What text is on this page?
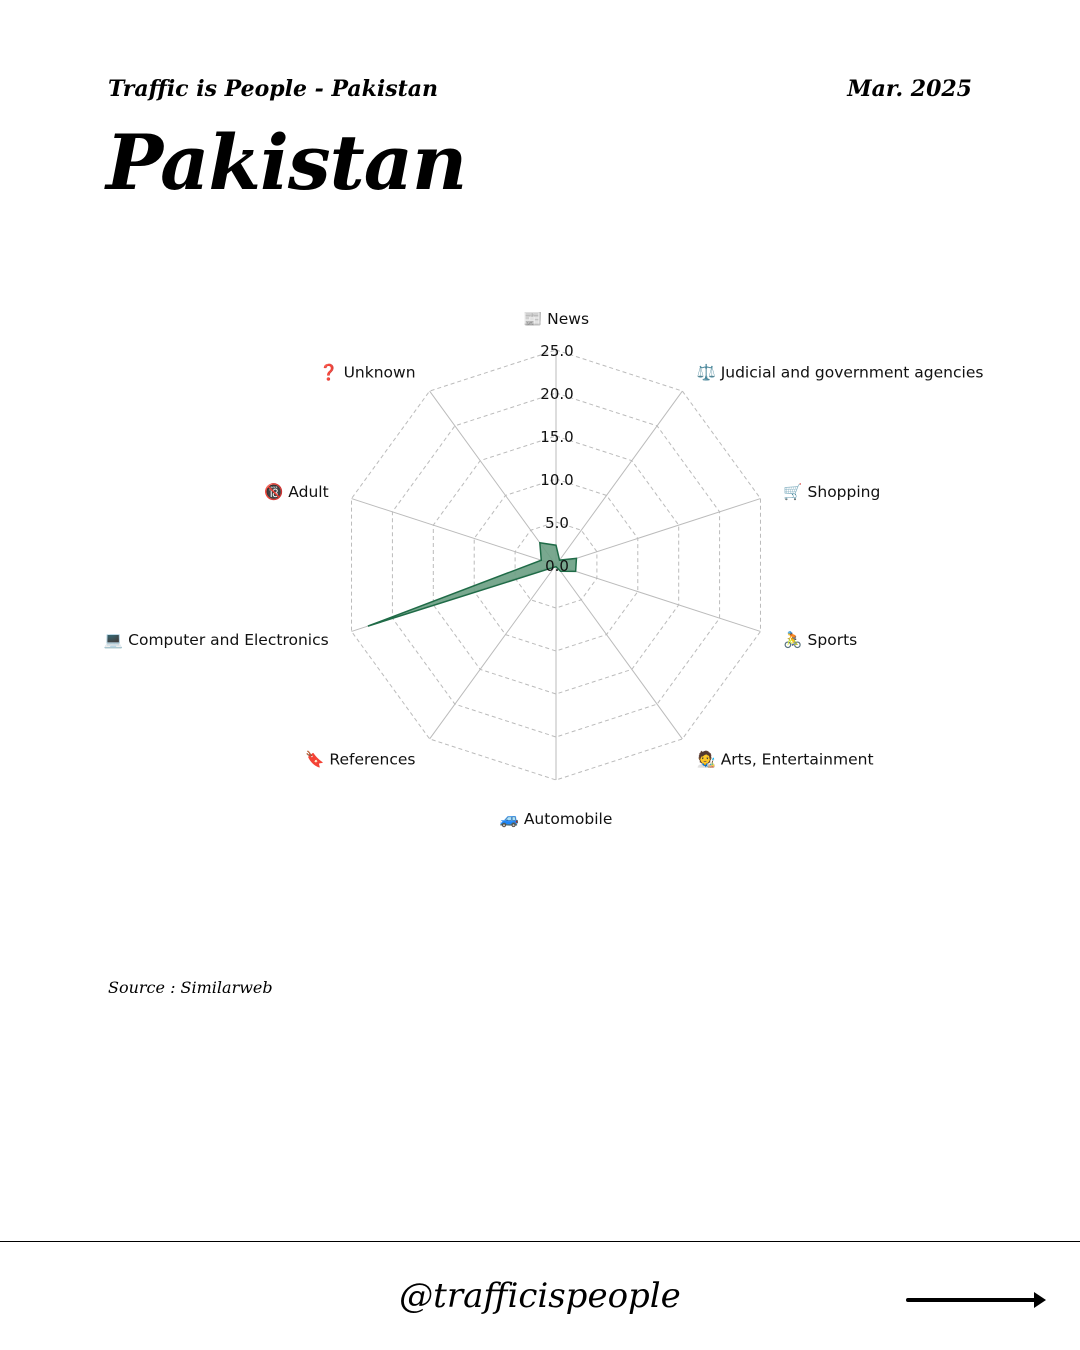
Traffic is People - Pakistan	Mar. 2025
Pakistan
0.0
5.0
10.0
15.0
20.0
25.0
📰 News
⚖️ Judicial and government agencies
🛒 Shopping
🚴 Sports
🧑‍🎨 Arts, Entertainment
🚙 Automobile
🔖 References
💻 Computer and Electronics
🔞 Adult
❓ Unknown
Source : Similarweb
@trafficispeople
